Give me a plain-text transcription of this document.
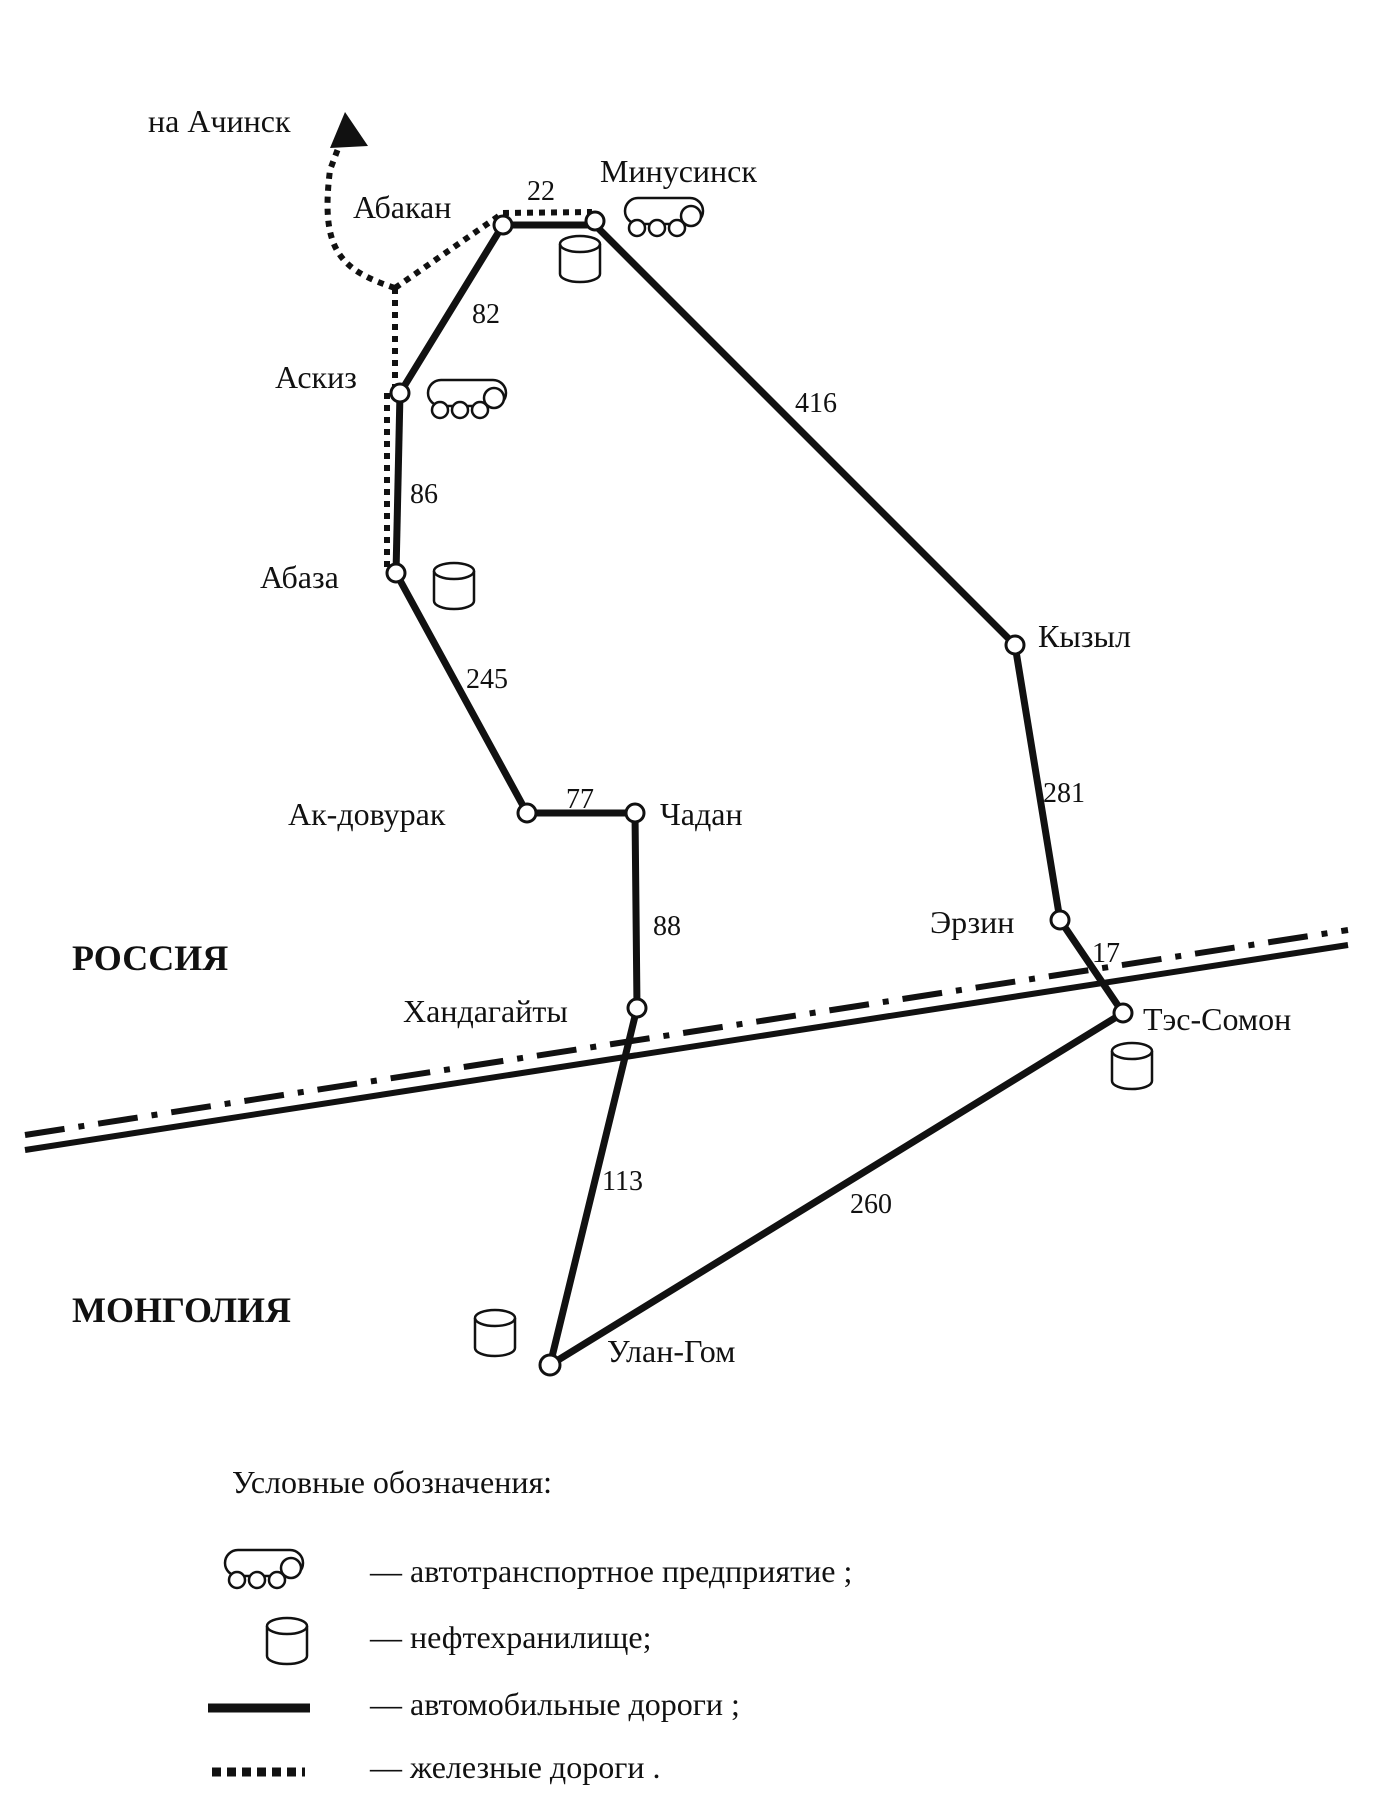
на Ачинск
Абакан
Минусинск
Аскиз
Абаза
Ак-довурак	Чадан
Хандагайты
Кызыл
Эрзин
Тэс-Сомон
Улан-Гом
РОССИЯ
МОНГОЛИЯ
22
82
416
86
245
77
88
281
17
113
260
Условные обозначения:
— автотранспортное предприятие ;
— нефтехранилище;
— автомобильные дороги ;
— железные дороги .
